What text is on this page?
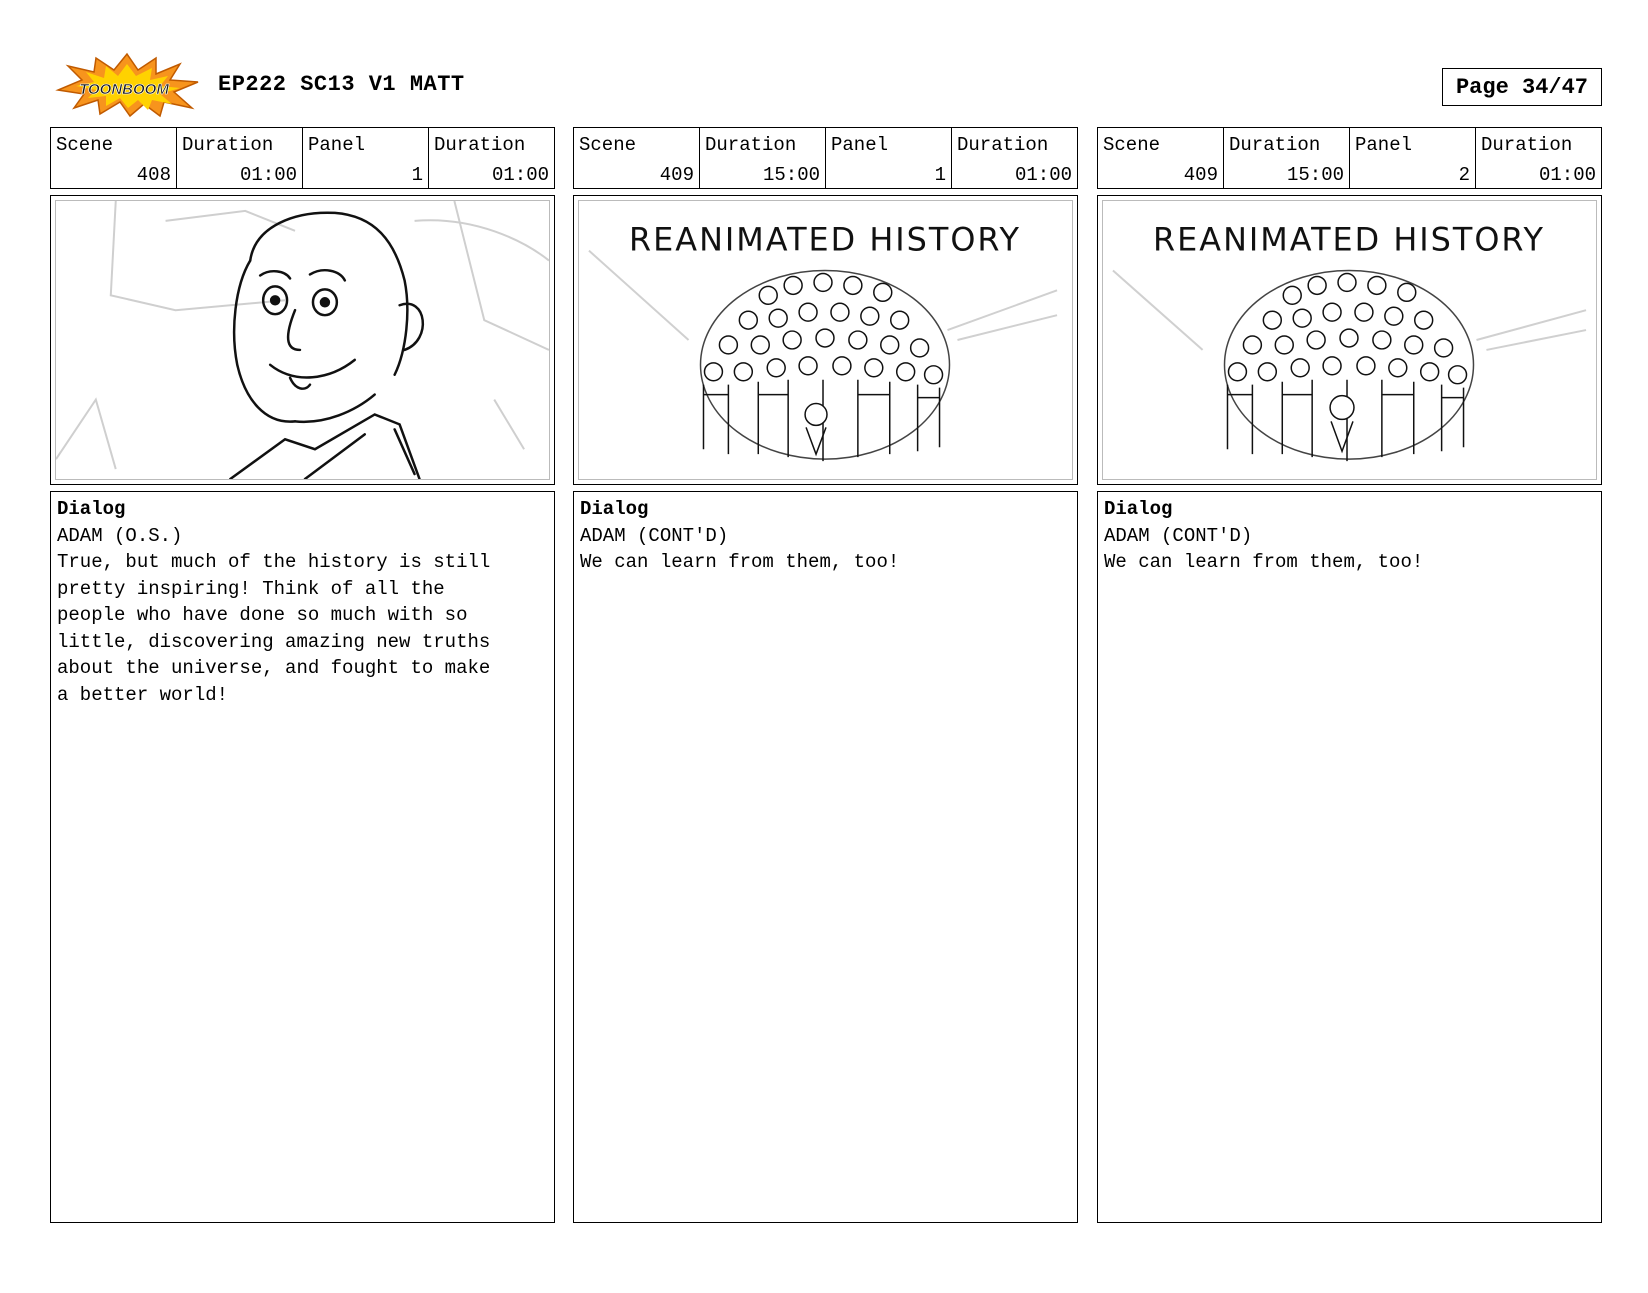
TOONBOOM EP222 SC13 V1 MATT	Page 34/47
Scene
408
Duration
01:00
Panel
1
Duration
01:00
Dialog
ADAM (O.S.)
True, but much of the history is still
pretty inspiring! Think of all the
people who have done so much with so
little, discovering amazing new truths
about the universe, and fought to make
a better world!
Scene
409
Duration
15:00
Panel
1
Duration
01:00
REANIMATED HISTORY
Dialog
ADAM (CONT'D)
We can learn from them, too!
Scene
409
Duration
15:00
Panel
2
Duration
01:00
REANIMATED HISTORY
Dialog
ADAM (CONT'D)
We can learn from them, too!
